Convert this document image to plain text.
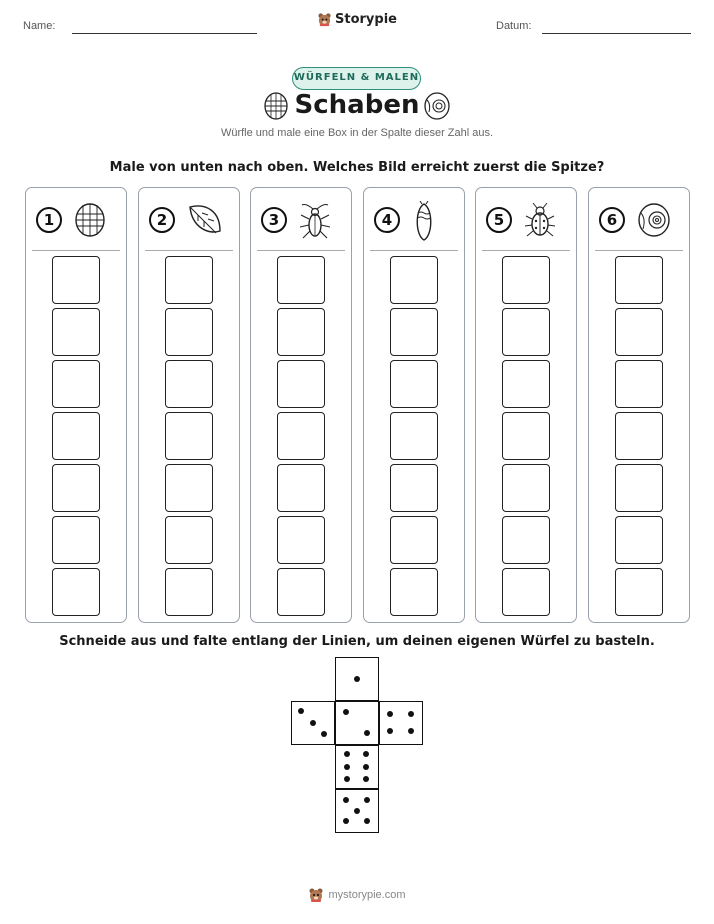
Name:	Storypie	Datum:
WÜRFELN & MALEN
Schaben
Würfle und male eine Box in der Spalte dieser Zahl aus.
Male von unten nach oben. Welches Bild erreicht zuerst die Spitze?
1	2	3	4	5	6
Schneide aus und falte entlang der Linien, um deinen eigenen Würfel zu basteln.
mystorypie.com
